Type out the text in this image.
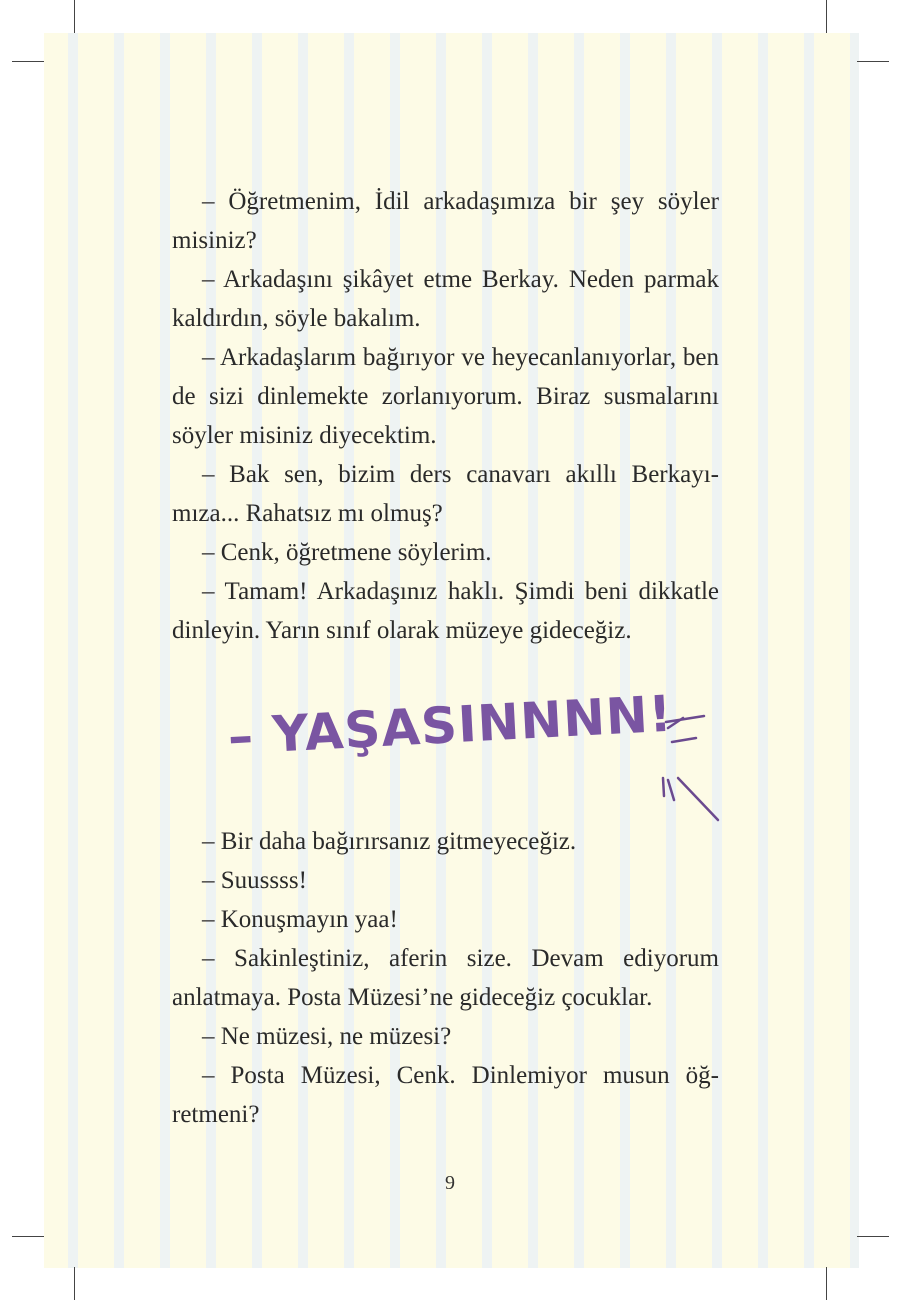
– Öğretmenim, İdil arkadaşımıza bir şey söyler misiniz?

– Arkadaşını şikâyet etme Berkay. Neden parmak kaldırdın, söyle bakalım.

– Arkadaşlarım bağırıyor ve heyecanlanıyorlar, ben de sizi dinlemekte zorlanıyorum. Biraz susmalarını söyler misiniz diyecektim.

– Bak sen, bizim ders canavarı akıllı Berkayımıza... Rahatsız mı olmuş?

– Cenk, öğretmene söylerim.

– Tamam! Arkadaşınız haklı. Şimdi beni dikkatle dinleyin. Yarın sınıf olarak müzeye gideceğiz.

– YAŞASINNNN!

– Bir daha bağırırsanız gitmeyeceğiz.

– Suussss!

– Konuşmayın yaa!

– Sakinleştiniz, aferin size. Devam ediyorum anlatmaya. Posta Müzesi’ne gideceğiz çocuklar.

– Ne müzesi, ne müzesi?

– Posta Müzesi, Cenk. Dinlemiyor musun öğretmeni?

9
